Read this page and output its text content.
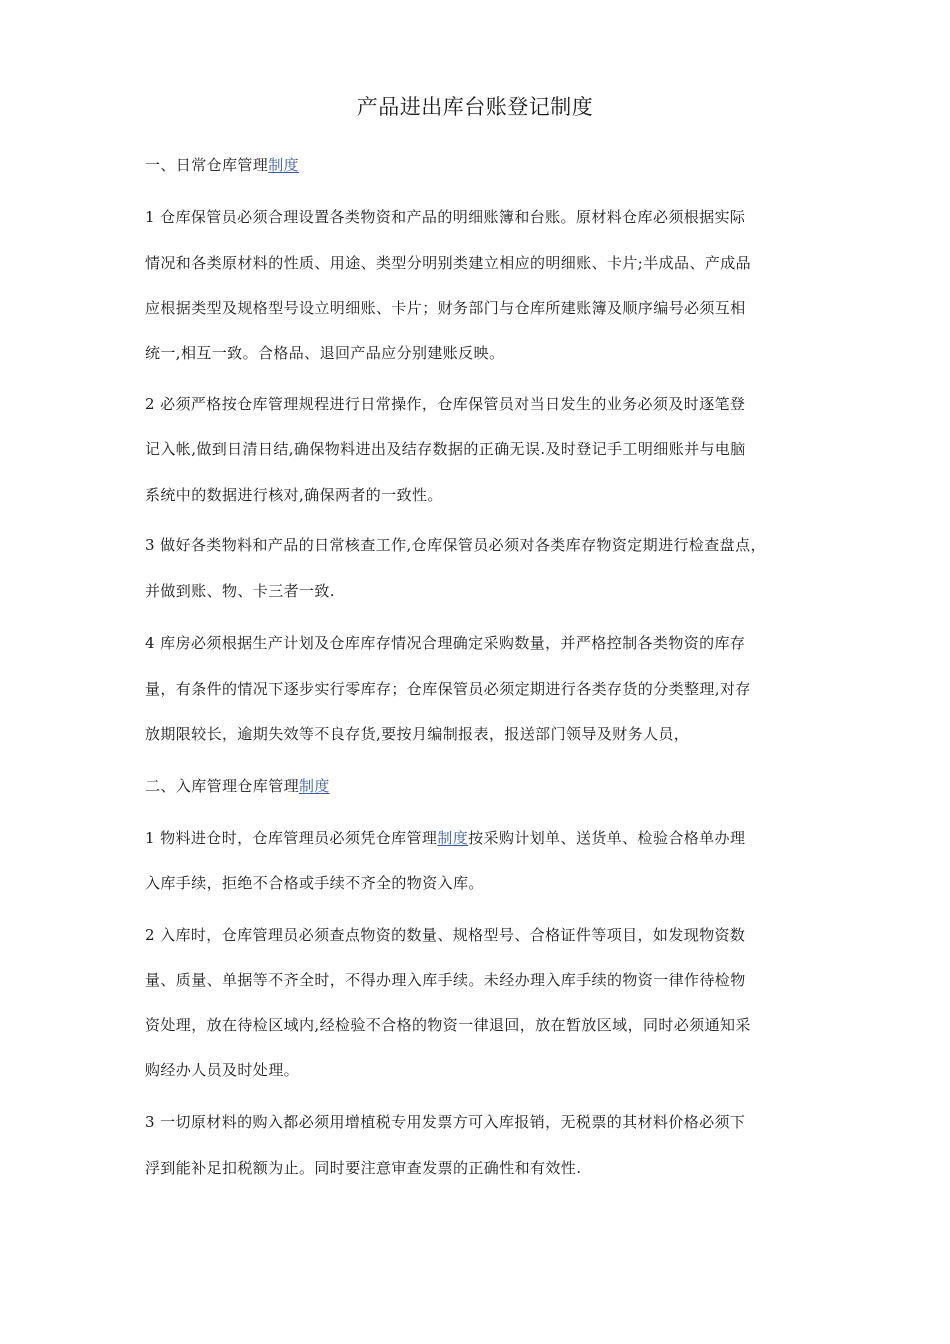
产品进出库台账登记制度
一、日常仓库管理制度
1 仓库保管员必须合理设置各类物资和产品的明细账簿和台账。原材料仓库必须根据实际
情况和各类原材料的性质、用途、类型分明别类建立相应的明细账、卡片;半成品、产成品
应根据类型及规格型号设立明细账、卡片；财务部门与仓库所建账簿及顺序编号必须互相
统一,相互一致。合格品、退回产品应分别建账反映。
2 必须严格按仓库管理规程进行日常操作，仓库保管员对当日发生的业务必须及时逐笔登
记入帐,做到日清日结,确保物料进出及结存数据的正确无误.及时登记手工明细账并与电脑
系统中的数据进行核对,确保两者的一致性。
3 做好各类物料和产品的日常核查工作,仓库保管员必须对各类库存物资定期进行检查盘点，
并做到账、物、卡三者一致.
4 库房必须根据生产计划及仓库库存情况合理确定采购数量，并严格控制各类物资的库存
量，有条件的情况下逐步实行零库存；仓库保管员必须定期进行各类存货的分类整理,对存
放期限较长，逾期失效等不良存货,要按月编制报表，报送部门领导及财务人员，
二、入库管理仓库管理制度
1 物料进仓时，仓库管理员必须凭仓库管理制度按采购计划单、送货单、检验合格单办理
入库手续，拒绝不合格或手续不齐全的物资入库。
2 入库时，仓库管理员必须查点物资的数量、规格型号、合格证件等项目，如发现物资数
量、质量、单据等不齐全时，不得办理入库手续。未经办理入库手续的物资一律作待检物
资处理，放在待检区域内,经检验不合格的物资一律退回，放在暂放区域，同时必须通知采
购经办人员及时处理。
3 一切原材料的购入都必须用增植税专用发票方可入库报销，无税票的其材料价格必须下
浮到能补足扣税额为止。同时要注意审查发票的正确性和有效性.
